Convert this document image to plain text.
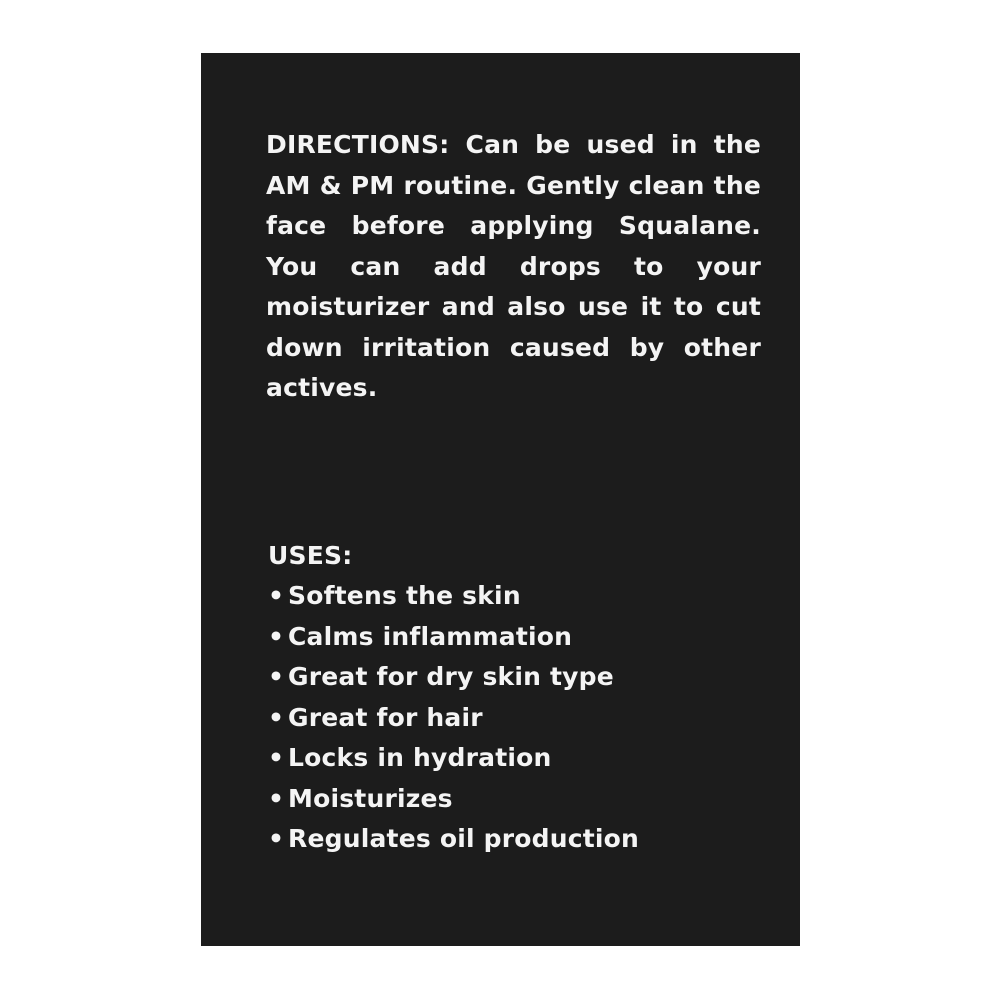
DIRECTIONS: Can be used in the AM & PM routine. Gently clean the face before applying Squalane. You can add drops to your moisturizer and also use it to cut down irritation caused by other actives.

USES:
• Softens the skin
• Calms inflammation
• Great for dry skin type
• Great for hair
• Locks in hydration
• Moisturizes
• Regulates oil production
